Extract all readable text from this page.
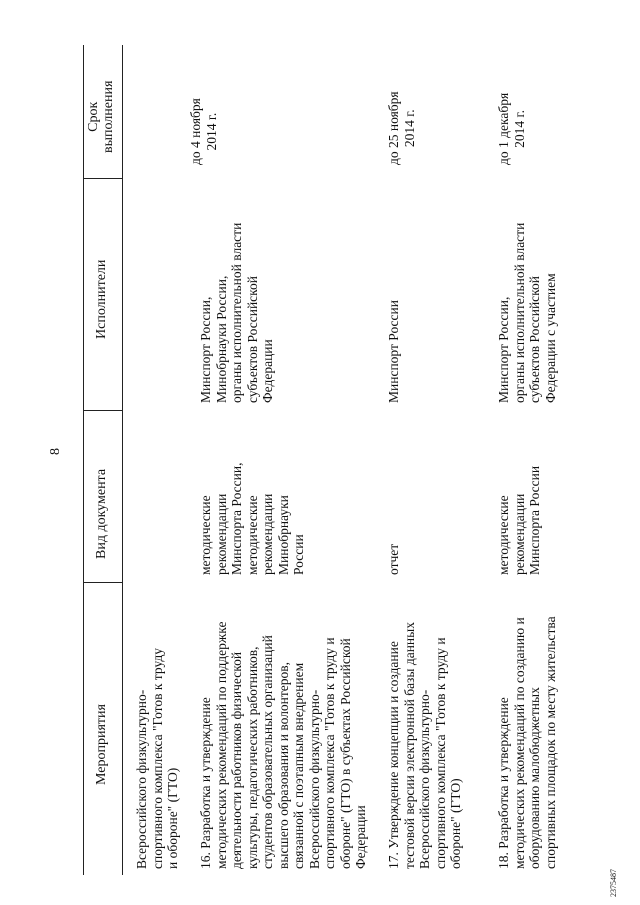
8
Мероприятия
Вид документа
Исполнители
Срок выполнения
Всероссийского физкультурно- спортивного комплекса "Готов к труду и обороне" (ГТО) 16. Разработка и утверждение методических рекомендаций по поддержке деятельности работников физической культуры, педагогических работников, студентов образовательных организаций высшего образования и волонтеров, связанной с поэтапным внедрением Всероссийского физкультурно- спортивного комплекса "Готов к труду и обороне" (ГТО) в субъектах Российской Федерации
методические рекомендации Минспорта России, методические рекомендации Минобрнауки России
Минспорт России, Минобрнауки России, органы исполнительной власти субъектов Российской Федерации
до 4 ноября 2014 г.
17. Утверждение концепции и создание тестовой версии электронной базы данных Всероссийского физкультурно- спортивного комплекса "Готов к труду и обороне" (ГТО)
отчет
Минспорт России
до 25 ноября 2014 г.
18. Разработка и утверждение методических рекомендаций по созданию и оборудованию малобюджетных спортивных площадок по месту жительства
методические рекомендации Минспорта России
Минспорт России, органы исполнительной власти субъектов Российской Федерации с участием
до 1 декабря 2014 г.
2375487
